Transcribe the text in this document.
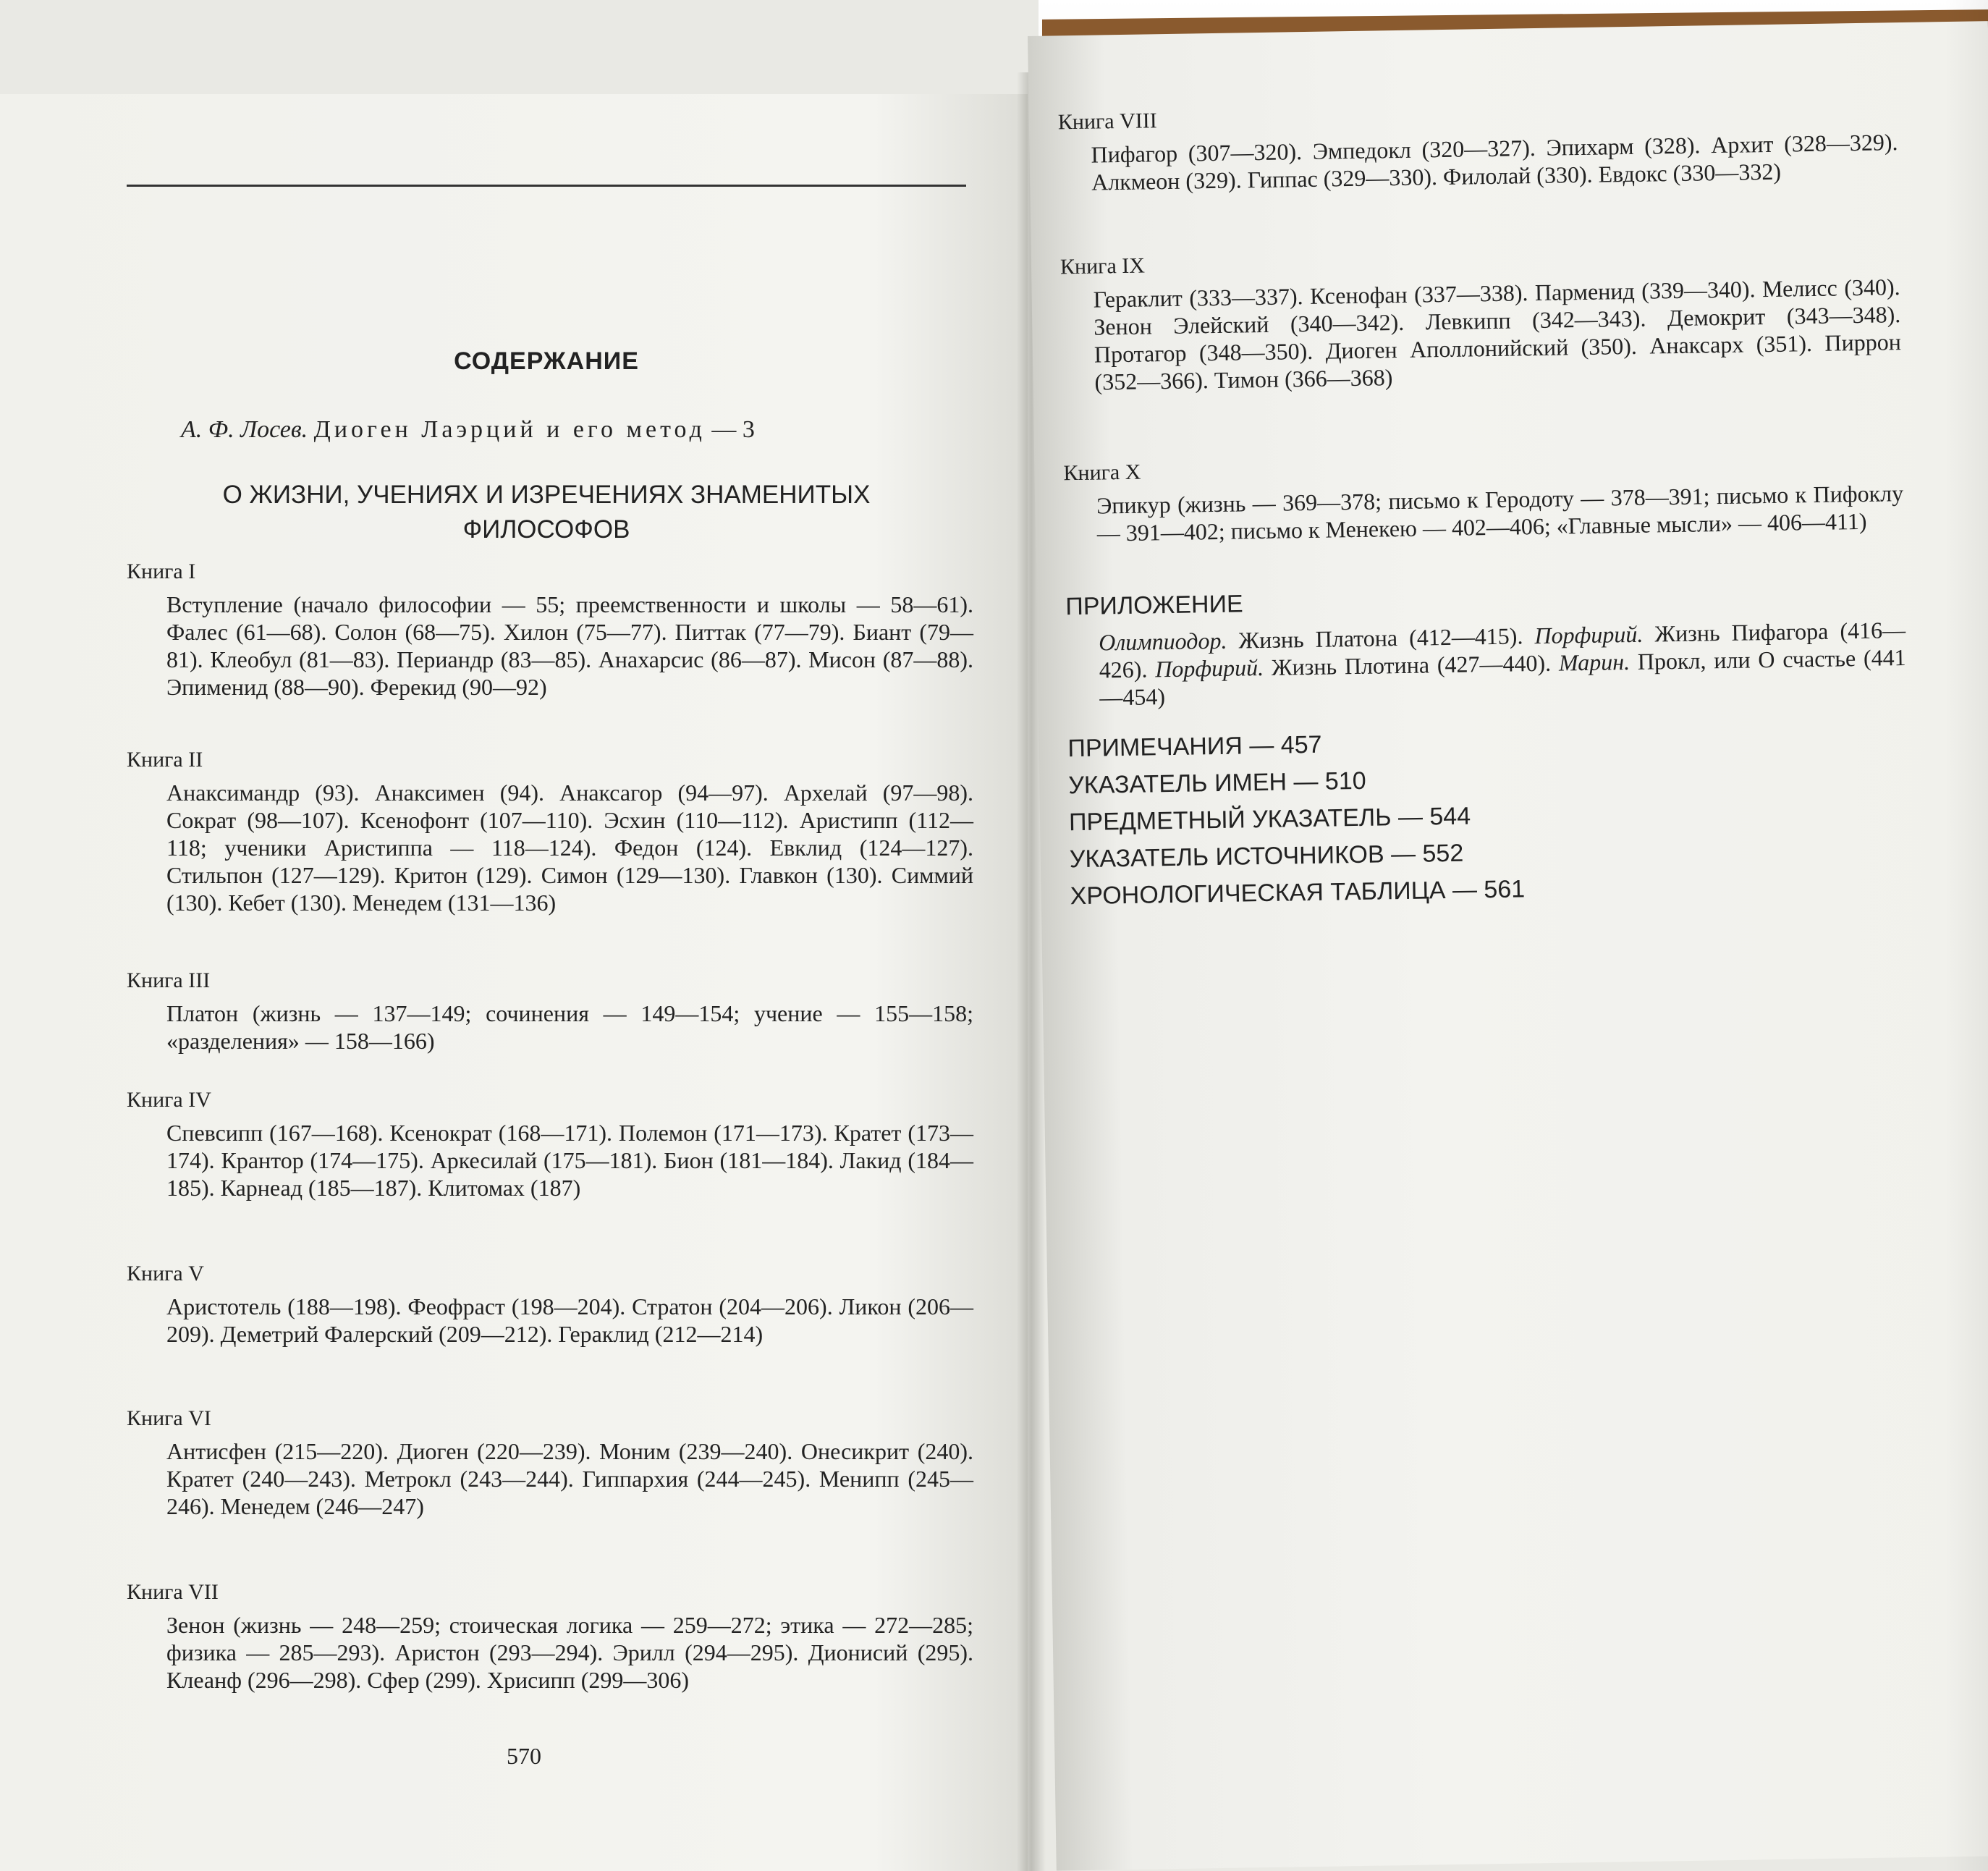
СОДЕРЖАНИЕ
А. Ф. Лосев. Диоген Лаэрций и его метод — 3
О ЖИЗНИ, УЧЕНИЯХ И ИЗРЕЧЕНИЯХ ЗНАМЕНИТЫХ
ФИЛОСОФОВ
Книга I
Вступление (начало философии — 55; преемственности и школы — 58—61). Фалес (61—68). Солон (68—75). Хилон (75—77). Питтак (77—79). Биант (79—81). Клеобул (81—83). Периандр (83—85). Анахарсис (86—87). Мисон (87—88). Эпименид (88—90). Ферекид (90—92)
Книга II
Анаксимандр (93). Анаксимен (94). Анаксагор (94—97). Архелай (97—98). Сократ (98—107). Ксенофонт (107—110). Эсхин (110—112). Аристипп (112—118; ученики Аристиппа — 118—124). Федон (124). Евклид (124—127). Стильпон (127—129). Критон (129). Симон (129—130). Главкон (130). Симмий (130). Кебет (130). Менедем (131—136)
Книга III
Платон (жизнь — 137—149; сочинения — 149—154; учение — 155—158; «разделения» — 158—166)
Книга IV
Спевсипп (167—168). Ксенократ (168—171). Полемон (171—173). Кратет (173—174). Крантор (174—175). Аркесилай (175—181). Бион (181—184). Лакид (184—185). Карнеад (185—187). Клитомах (187)
Книга V
Аристотель (188—198). Феофраст (198—204). Стратон (204—206). Ликон (206—209). Деметрий Фалерский (209—212). Гераклид (212—214)
Книга VI
Антисфен (215—220). Диоген (220—239). Моним (239—240). Онесикрит (240). Кратет (240—243). Метрокл (243—244). Гиппархия (244—245). Менипп (245—246). Менедем (246—247)
Книга VII
Зенон (жизнь — 248—259; стоическая логика — 259—272; этика — 272—285; физика — 285—293). Аристон (293—294). Эрилл (294—295). Дионисий (295). Клеанф (296—298). Сфер (299). Хрисипп (299—306)
570
Книга VIII
Пифагор (307—320). Эмпедокл (320—327). Эпихарм (328). Архит (328—329). Алкмеон (329). Гиппас (329—330). Филолай (330). Евдокс (330—332)
Книга IX
Гераклит (333—337). Ксенофан (337—338). Парменид (339—340). Мелисс (340). Зенон Элейский (340—342). Левкипп (342—343). Демокрит (343—348). Протагор (348—350). Диоген Аполлонийский (350). Анаксарх (351). Пиррон (352—366). Тимон (366—368)
Книга X
Эпикур (жизнь — 369—378; письмо к Геродоту — 378—391; письмо к Пифоклу — 391—402; письмо к Менекею — 402—406; «Главные мысли» — 406—411)
ПРИЛОЖЕНИЕ
Олимпиодор. Жизнь Платона (412—415). Порфирий. Жизнь Пифагора (416—426). Порфирий. Жизнь Плотина (427—440). Марин. Прокл, или О счастье (441—454)
ПРИМЕЧАНИЯ — 457
УКАЗАТЕЛЬ ИМЕН — 510
ПРЕДМЕТНЫЙ УКАЗАТЕЛЬ — 544
УКАЗАТЕЛЬ ИСТОЧНИКОВ — 552
ХРОНОЛОГИЧЕСКАЯ ТАБЛИЦА — 561
